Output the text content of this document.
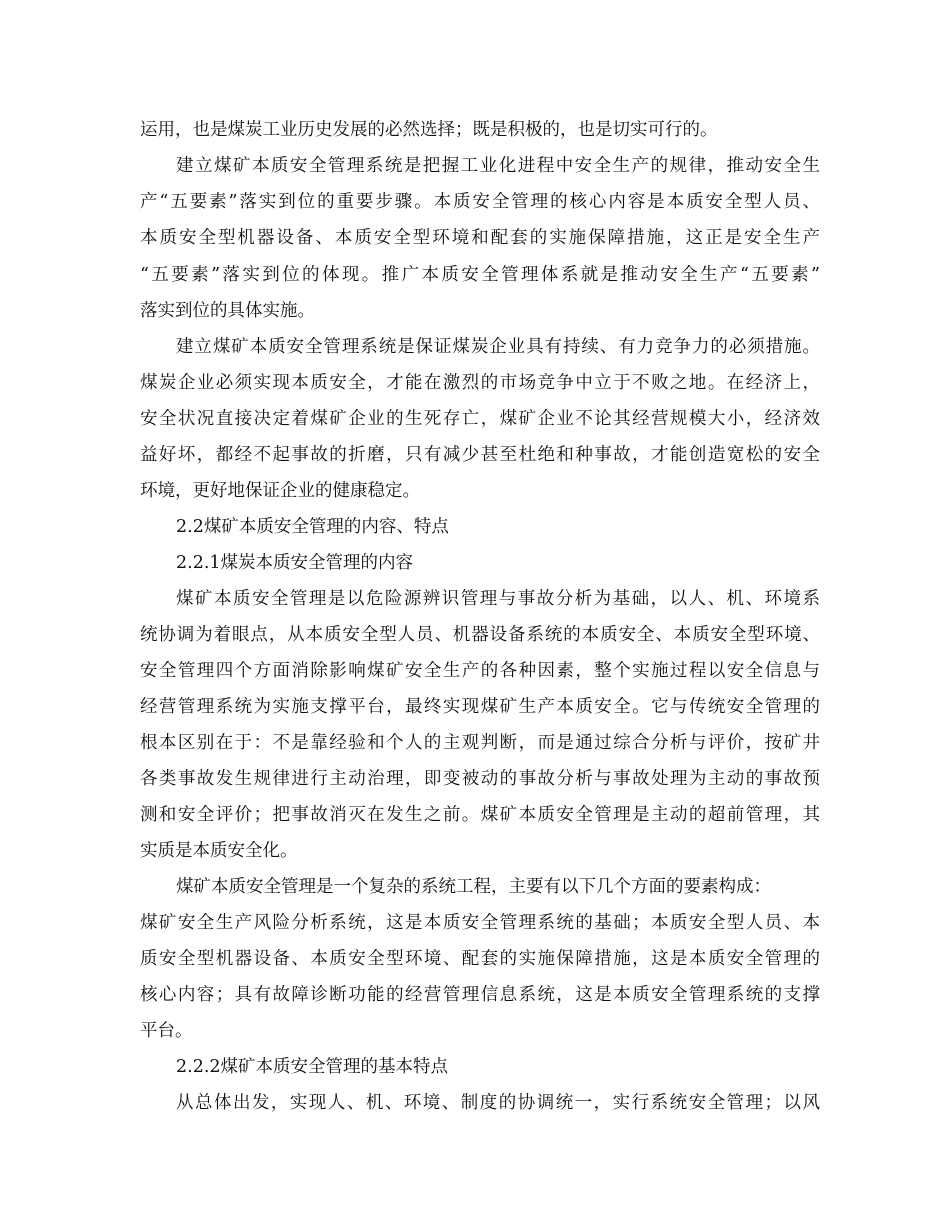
运用，也是煤炭工业历史发展的必然选择；既是积极的，也是切实可行的。
建立煤矿本质安全管理系统是把握工业化进程中安全生产的规律，推动安全生
产“五要素”落实到位的重要步骤。本质安全管理的核心内容是本质安全型人员、
本质安全型机器设备、本质安全型环境和配套的实施保障措施，这正是安全生产
“五要素”落实到位的体现。推广本质安全管理体系就是推动安全生产“五要素”
落实到位的具体实施。
建立煤矿本质安全管理系统是保证煤炭企业具有持续、有力竞争力的必须措施。
煤炭企业必须实现本质安全，才能在激烈的市场竞争中立于不败之地。在经济上，
安全状况直接决定着煤矿企业的生死存亡，煤矿企业不论其经营规模大小，经济效
益好坏，都经不起事故的折磨，只有减少甚至杜绝和种事故，才能创造宽松的安全
环境，更好地保证企业的健康稳定。
2.2煤矿本质安全管理的内容、特点
2.2.1煤炭本质安全管理的内容
煤矿本质安全管理是以危险源辨识管理与事故分析为基础，以人、机、环境系
统协调为着眼点，从本质安全型人员、机器设备系统的本质安全、本质安全型环境、
安全管理四个方面消除影响煤矿安全生产的各种因素，整个实施过程以安全信息与
经营管理系统为实施支撑平台，最终实现煤矿生产本质安全。它与传统安全管理的
根本区别在于：不是靠经验和个人的主观判断，而是通过综合分析与评价，按矿井
各类事故发生规律进行主动治理，即变被动的事故分析与事故处理为主动的事故预
测和安全评价；把事故消灭在发生之前。煤矿本质安全管理是主动的超前管理，其
实质是本质安全化。
煤矿本质安全管理是一个复杂的系统工程，主要有以下几个方面的要素构成：
煤矿安全生产风险分析系统，这是本质安全管理系统的基础；本质安全型人员、本
质安全型机器设备、本质安全型环境、配套的实施保障措施，这是本质安全管理的
核心内容；具有故障诊断功能的经营管理信息系统，这是本质安全管理系统的支撑
平台。
2.2.2煤矿本质安全管理的基本特点
从总体出发，实现人、机、环境、制度的协调统一，实行系统安全管理；以风
